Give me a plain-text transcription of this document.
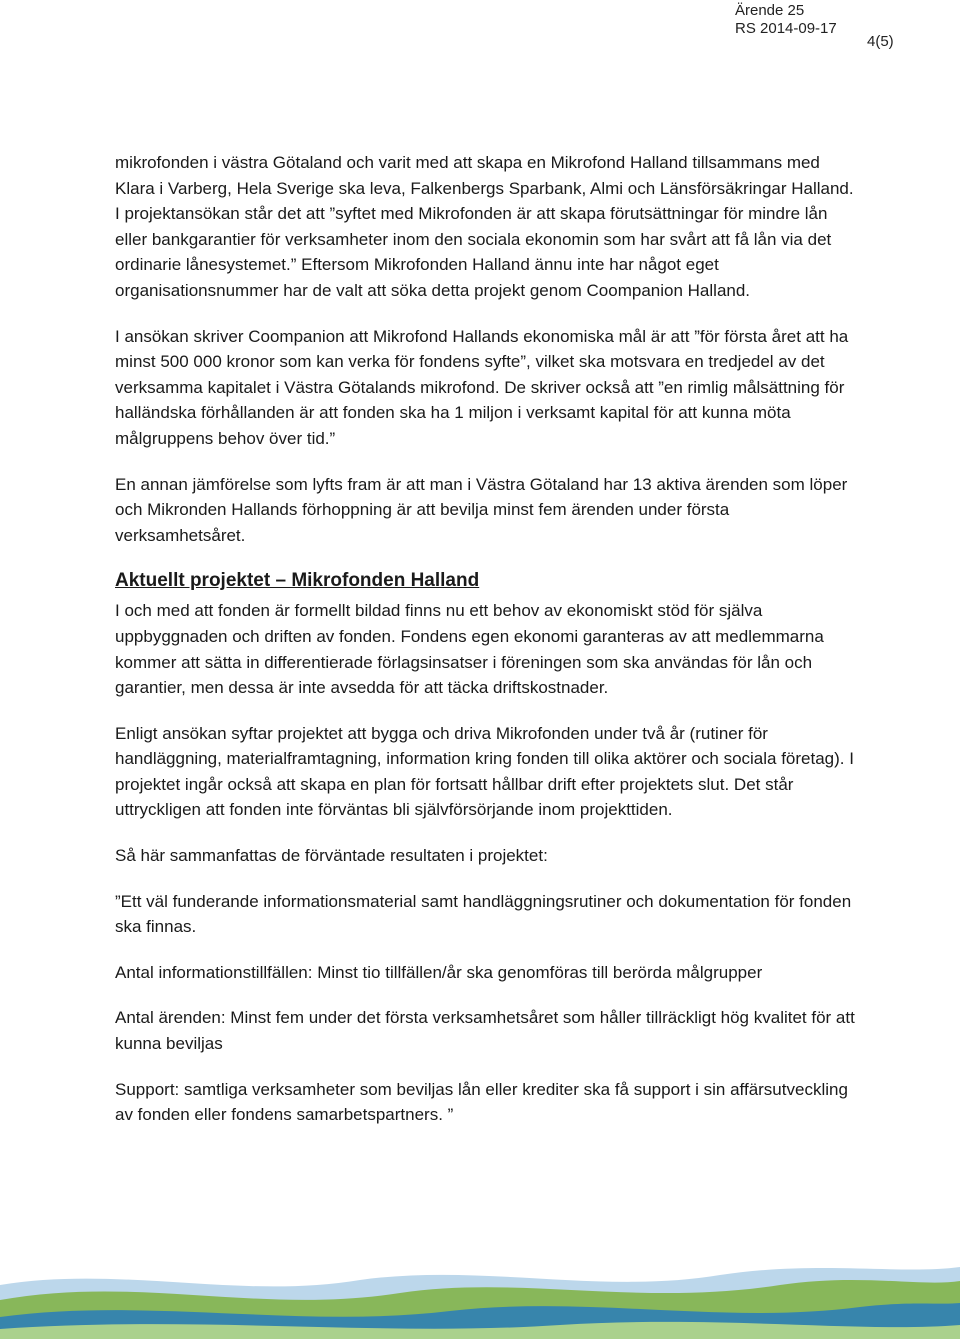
Ärende 25
RS 2014-09-17
4(5)

mikrofonden i västra Götaland och varit med att skapa en Mikrofond Halland tillsammans med Klara i Varberg, Hela Sverige ska leva, Falkenbergs Sparbank, Almi och Länsförsäkringar Halland. I projektansökan står det att ”syftet med Mikrofonden är att skapa förutsättningar för mindre lån eller bankgarantier för verksamheter inom den sociala ekonomin som har svårt att få lån via det ordinarie lånesystemet.” Eftersom Mikrofonden Halland ännu inte har något eget organisationsnummer har de valt att söka detta projekt genom Coompanion Halland.

I ansökan skriver Coompanion att Mikrofond Hallands ekonomiska mål är att ”för första året att ha minst 500 000 kronor som kan verka för fondens syfte”, vilket ska motsvara en tredjedel av det verksamma kapitalet i Västra Götalands mikrofond. De skriver också att ”en rimlig målsättning för halländska förhållanden är att fonden ska ha 1 miljon i verksamt kapital för att kunna möta målgruppens behov över tid.”

En annan jämförelse som lyfts fram är att man i Västra Götaland har 13 aktiva ärenden som löper och Mikronden Hallands förhoppning är att bevilja minst fem ärenden under första verksamhetsåret.

Aktuellt projektet – Mikrofonden Halland

I och med att fonden är formellt bildad finns nu ett behov av ekonomiskt stöd för själva uppbyggnaden och driften av fonden. Fondens egen ekonomi garanteras av att medlemmarna kommer att sätta in differentierade förlagsinsatser i föreningen som ska användas för lån och garantier, men dessa är inte avsedda för att täcka driftskostnader.

Enligt ansökan syftar projektet att bygga och driva Mikrofonden under två år (rutiner för handläggning, materialframtagning, information kring fonden till olika aktörer och sociala företag). I projektet ingår också att skapa en plan för fortsatt hållbar drift efter projektets slut. Det står uttryckligen att fonden inte förväntas bli självförsörjande inom projekttiden.

Så här sammanfattas de förväntade resultaten i projektet:

”Ett väl funderande informationsmaterial samt handläggningsrutiner och dokumentation för fonden ska finnas.

Antal informationstillfällen: Minst tio tillfällen/år ska genomföras till berörda målgrupper

Antal ärenden: Minst fem under det första verksamhetsåret som håller tillräckligt hög kvalitet för att kunna beviljas

Support: samtliga verksamheter som beviljas lån eller krediter ska få support i sin affärsutveckling av fonden eller fondens samarbetspartners. ”
